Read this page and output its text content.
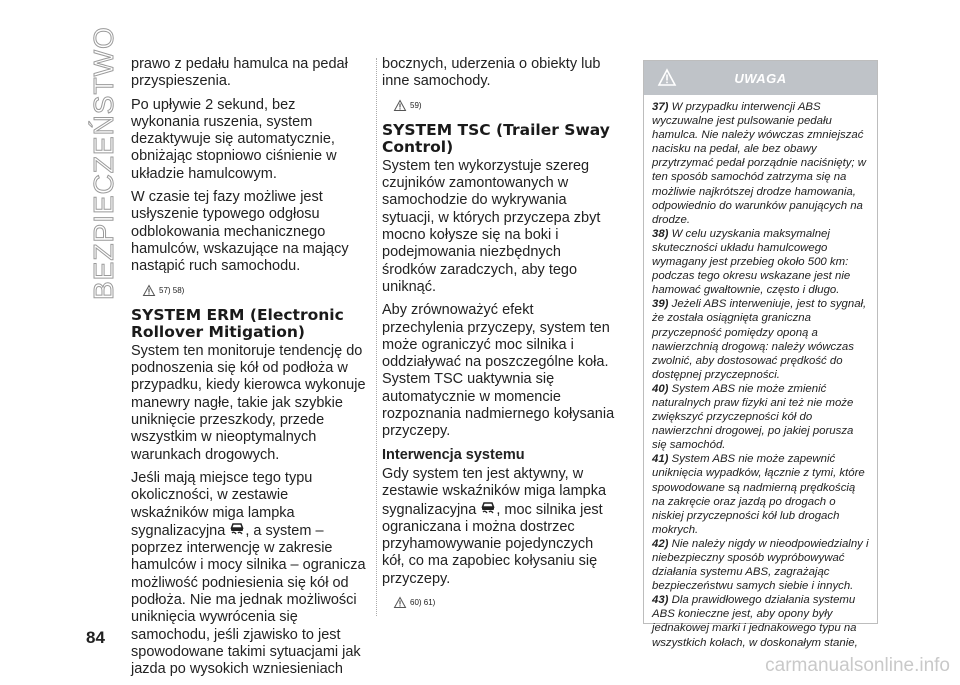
BEZPIECZEŃSTWO prawo z pedału hamulca na pedał przyspieszenia.

Po upływie 2 sekund, bez wykonania ruszenia, system dezaktywuje się automatycznie, obniżając stopniowo ciśnienie w układzie hamulcowym.

W czasie tej fazy możliwe jest usłyszenie typowego odgłosu odblokowania mechanicznego hamulców, wskazujące na mający nastąpić ruch samochodu.

57) 58)
SYSTEM ERM (Electronic Rollover Mitigation)

System ten monitoruje tendencję do podnoszenia się kół od podłoża w przypadku, kiedy kierowca wykonuje manewry nagłe, takie jak szybkie uniknięcie przeszkody, przede wszystkim w nieoptymalnych warunkach drogowych.

Jeśli mają miejsce tego typu okoliczności, w zestawie wskaźników miga lampka sygnalizacyjna , a system – poprzez interwencję w zakresie hamulców i mocy silnika – ogranicza możliwość podniesienia się kół od podłoża. Nie ma jednak możliwości uniknięcia wywrócenia się samochodu, jeśli zjawisko to jest spowodowane takimi sytuacjami jak jazda po wysokich wzniesieniach

bocznych, uderzenia o obiekty lub inne samochody.

59)
SYSTEM TSC (Trailer Sway Control)

System ten wykorzystuje szereg czujników zamontowanych w samochodzie do wykrywania sytuacji, w których przyczepa zbyt mocno kołysze się na boki i podejmowania niezbędnych środków zaradczych, aby tego uniknąć.

Aby zrównoważyć efekt przechylenia przyczepy, system ten może ograniczyć moc silnika i oddziaływać na poszczególne koła. System TSC uaktywnia się automatycznie w momencie rozpoznania nadmiernego kołysania przyczepy.

Interwencja systemu

Gdy system ten jest aktywny, w zestawie wskaźników miga lampka sygnalizacyjna , moc silnika jest ograniczana i można dostrzec przyhamowywanie pojedynczych kół, co ma zapobiec kołysaniu się przyczepy.

60) 61)
UWAGA
37) W przypadku interwencji ABS wyczuwalne jest pulsowanie pedału hamulca. Nie należy wówczas zmniejszać nacisku na pedał, ale bez obawy przytrzymać pedał porządnie naciśnięty; w ten sposób samochód zatrzyma się na możliwie najkrótszej drodze hamowania, odpowiednio do warunków panujących na drodze.
38) W celu uzyskania maksymalnej skuteczności układu hamulcowego wymagany jest przebieg około 500 km: podczas tego okresu wskazane jest nie hamować gwałtownie, często i długo.
39) Jeżeli ABS interweniuje, jest to sygnał, że została osiągnięta graniczna przyczepność pomiędzy oponą a nawierzchnią drogową: należy wówczas zwolnić, aby dostosować prędkość do dostępnej przyczepności.
40) System ABS nie może zmienić naturalnych praw fizyki ani też nie może zwiększyć przyczepności kół do nawierzchni drogowej, po jakiej porusza się samochód.
41) System ABS nie może zapewnić uniknięcia wypadków, łącznie z tymi, które spowodowane są nadmierną prędkością na zakręcie oraz jazdą po drogach o niskiej przyczepności kół lub drogach mokrych.
42) Nie należy nigdy w nieodpowiedzialny i niebezpieczny sposób wypróbowywać działania systemu ABS, zagrażając bezpieczeństwu samych siebie i innych.
43) Dla prawidłowego działania systemu ABS konieczne jest, aby opony były jednakowej marki i jednakowego typu na wszystkich kołach, w doskonałym stanie,
84
carmanualsonline.info
